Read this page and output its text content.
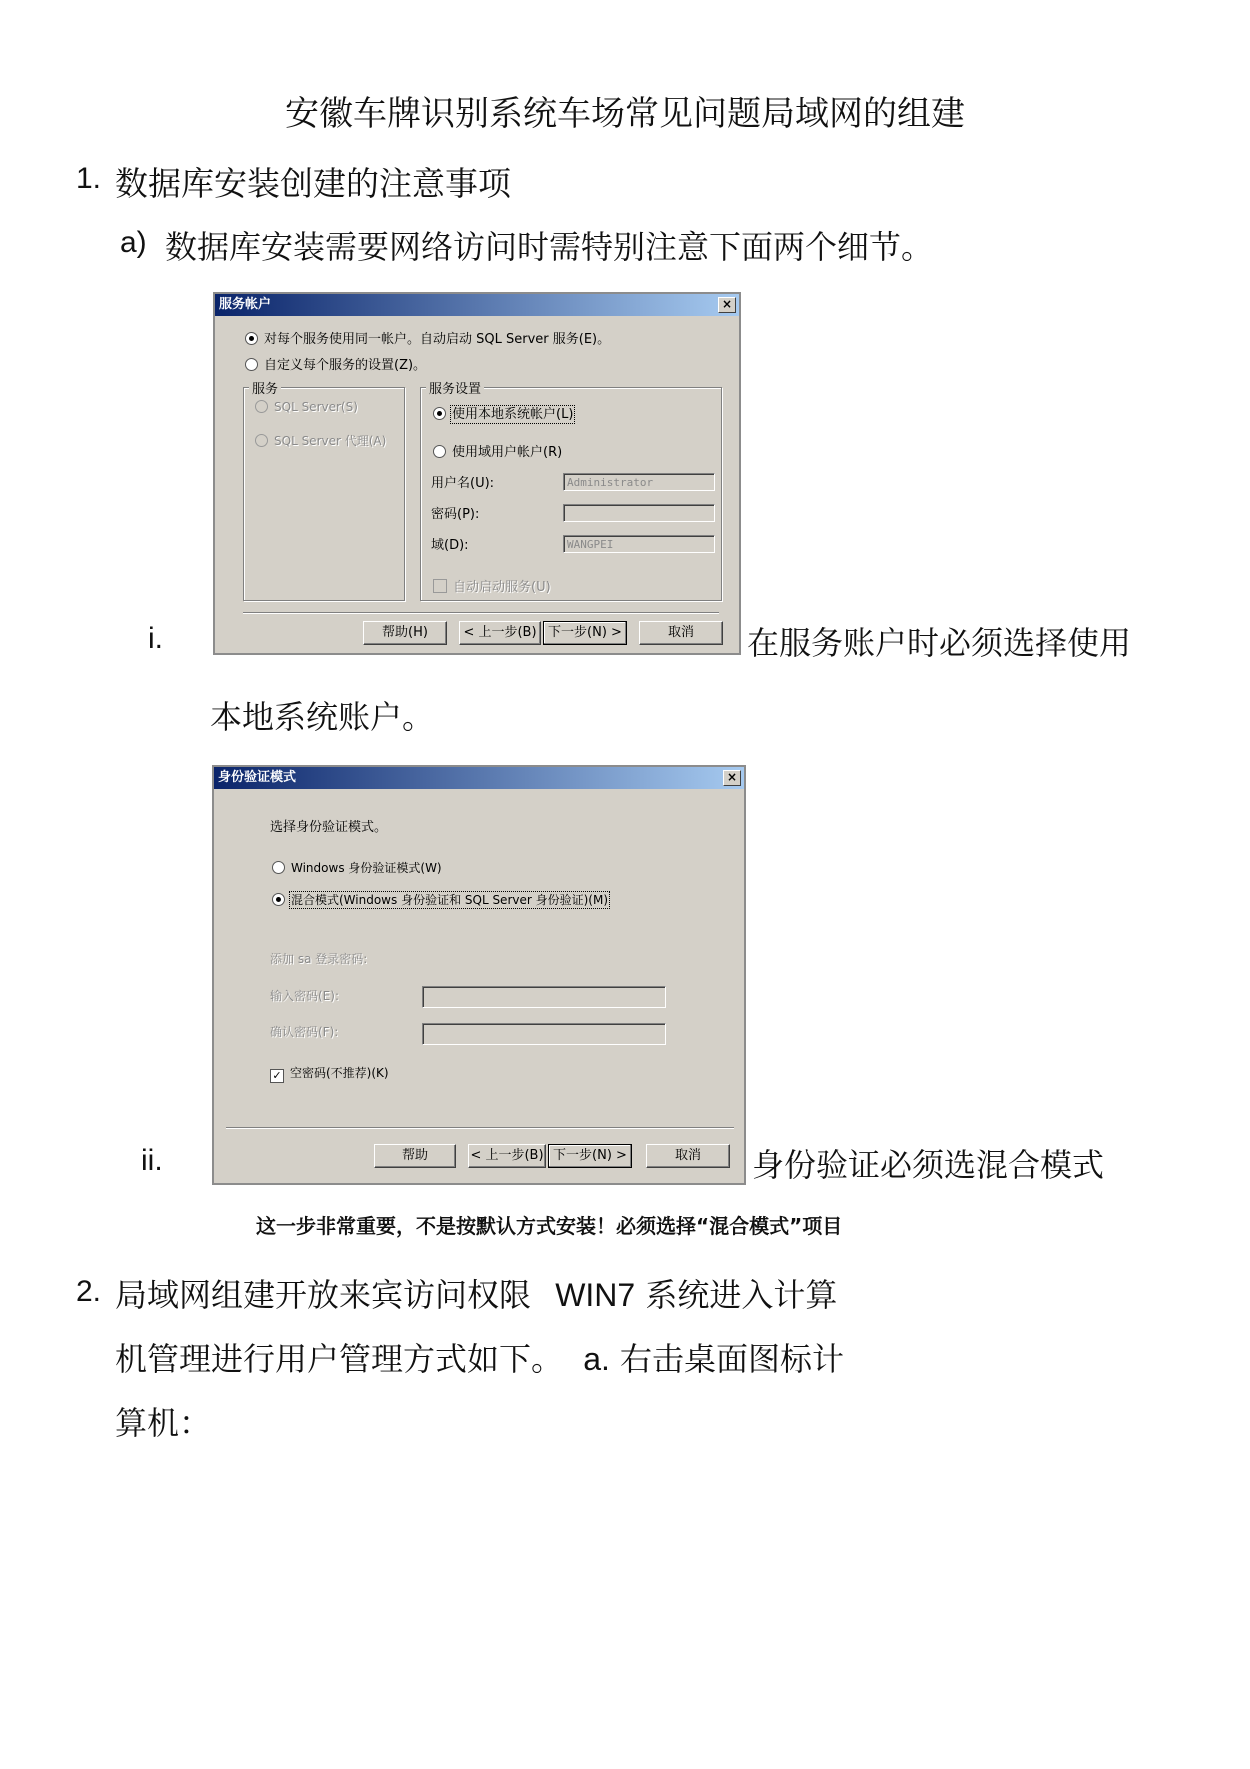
安徽车牌识别系统车场常见问题局域网的组建
1. 数据库安装创建的注意事项
a) 数据库安装需要网络访问时需特别注意下面两个细节。
服务帐户	×
对每个服务使用同一帐户。自动启动 SQL Server 服务(E)。
自定义每个服务的设置(Z)。
服务
SQL Server(S)
SQL Server 代理(A)
服务设置
使用本地系统帐户(L)
使用域用户帐户(R)
用户名(U):	Administrator
密码(P):
域(D):	WANGPEI
自动启动服务(U)
帮助(H)	< 上一步(B) 下一步(N) >	取消
i.	在服务账户时必须选择使用
本地系统账户。
身份验证模式	×
选择身份验证模式。
Windows 身份验证模式(W)
混合模式(Windows 身份验证和 SQL Server 身份验证)(M)
添加 sa 登录密码:
输入密码(E):
确认密码(F):
✓ 空密码(不推荐)(K)
帮助	< 上一步(B) 下一步(N) >	取消
ii.	身份验证必须选混合模式
这一步非常重要，不是按默认方式安装！必须选择“混合模式”项目
2. 局域网组建开放来宾访问权限 WIN7 系统进入计算
机管理进行用户管理方式如下。 a. 右击桌面图标计
算机：
